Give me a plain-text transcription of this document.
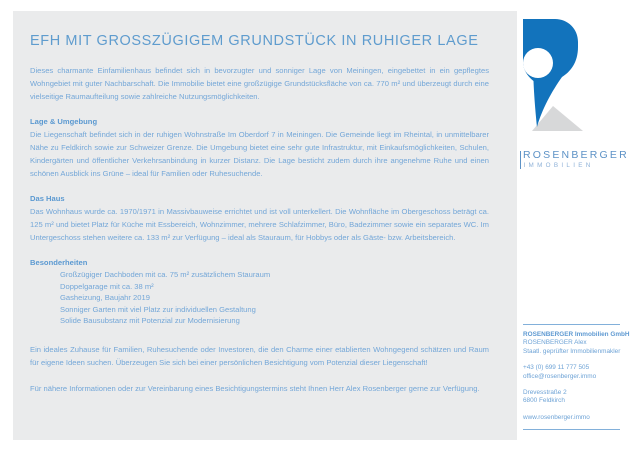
EFH MIT GROSSZÜGIGEM GRUNDSTÜCK IN RUHIGER LAGE
Dieses charmante Einfamilienhaus befindet sich in bevorzugter und sonniger Lage von Meiningen, eingebettet in ein gepflegtes Wohngebiet mit guter Nachbarschaft. Die Immobilie bietet eine großzügige Grundstücksfläche von ca. 770 m² und überzeugt durch eine vielseitige Raumaufteilung sowie zahlreiche Nutzungsmöglichkeiten.
Lage & Umgebung
Die Liegenschaft befindet sich in der ruhigen Wohnstraße Im Oberdorf 7 in Meiningen. Die Gemeinde liegt im Rheintal, in unmittelbarer Nähe zu Feldkirch sowie zur Schweizer Grenze. Die Umgebung bietet eine sehr gute Infrastruktur, mit Einkaufsmöglichkeiten, Schulen, Kindergärten und öffentlicher Verkehrsanbindung in kurzer Distanz. Die Lage besticht zudem durch ihre angenehme Ruhe und einen schönen Ausblick ins Grüne – ideal für Familien oder Ruhesuchende.
Das Haus
Das Wohnhaus wurde ca. 1970/1971 in Massivbauweise errichtet und ist voll unterkellert. Die Wohnfläche im Obergeschoss beträgt ca. 125 m² und bietet Platz für Küche mit Essbereich, Wohnzimmer, mehrere Schlafzimmer, Büro, Badezimmer sowie ein separates WC. Im Untergeschoss stehen weitere ca. 133 m² zur Verfügung – ideal als Stauraum, für Hobbys oder als Gäste- bzw. Arbeitsbereich.
Besonderheiten
Großzügiger Dachboden mit ca. 75 m² zusätzlichem Stauraum
Doppelgarage mit ca. 38 m²
Gasheizung, Baujahr 2019
Sonniger Garten mit viel Platz zur individuellen Gestaltung
Solide Bausubstanz mit Potenzial zur Modernisierung
Ein ideales Zuhause für Familien, Ruhesuchende oder Investoren, die den Charme einer etablierten Wohngegend schätzen und Raum für eigene Ideen suchen. Überzeugen Sie sich bei einer persönlichen Besichtigung vom Potenzial dieser Liegenschaft!
Für nähere Informationen oder zur Vereinbarung eines Besichtigungstermins steht Ihnen Herr Alex Rosenberger gerne zur Verfügung.
ROSENBERGER
IMMOBILIEN
ROSENBERGER Immobilien GmbH
ROSENBERGER Alex
Staatl. geprüfter Immobilienmakler
+43 (0) 699 11 777 505
office@rosenberger.immo
Drevesstraße 2
6800 Feldkirch
www.rosenberger.immo
